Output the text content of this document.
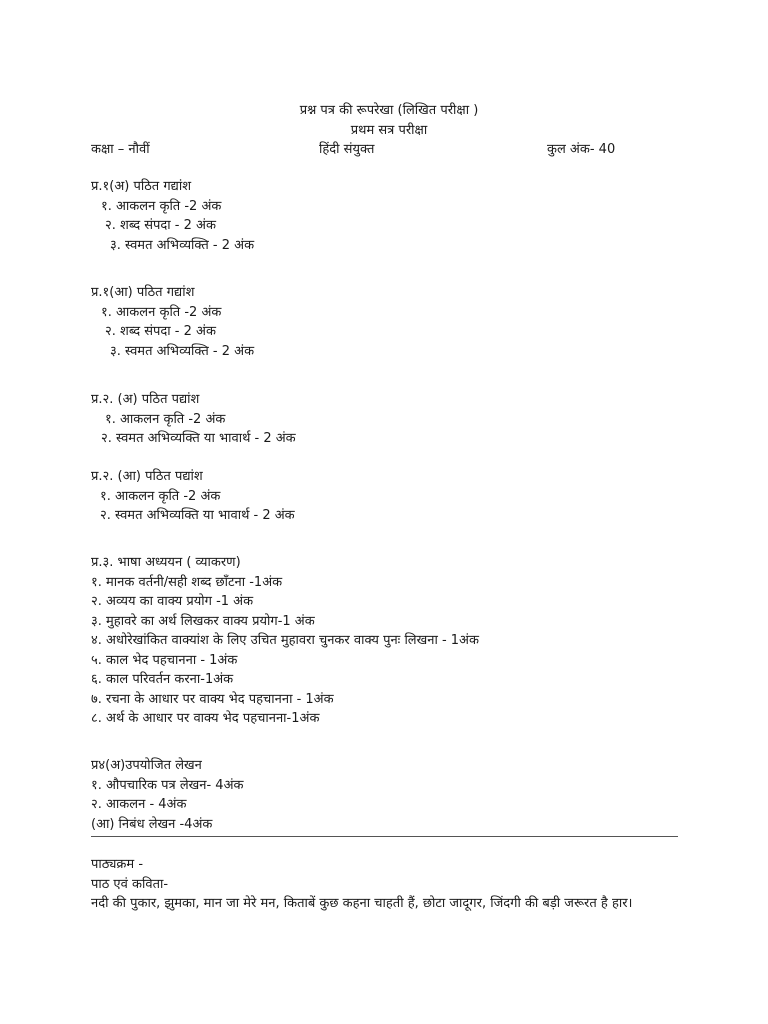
प्रश्न पत्र की रूपरेखा (लिखित परीक्षा )
प्रथम सत्र परीक्षा
कक्षा – नौवीं	हिंदी संयुक्त	कुल अंक- 40
प्र.१(अ) पठित गद्यांश
१. आकलन कृति -2 अंक
२. शब्द संपदा - 2 अंक
३. स्वमत अभिव्यक्ति - 2 अंक
प्र.१(आ) पठित गद्यांश
१. आकलन कृति -2 अंक
२. शब्द संपदा - 2 अंक
३. स्वमत अभिव्यक्ति - 2 अंक
प्र.२. (अ) पठित पद्यांश
१. आकलन कृति -2 अंक
२. स्वमत अभिव्यक्ति या भावार्थ - 2 अंक
प्र.२. (आ) पठित पद्यांश
१. आकलन कृति -2 अंक
२. स्वमत अभिव्यक्ति या भावार्थ - 2 अंक
प्र.३. भाषा अध्ययन ( व्याकरण)
१. मानक वर्तनी/सही शब्द छाँटना -1अंक
२. अव्यय का वाक्य प्रयोग -1 अंक
३. मुहावरे का अर्थ लिखकर वाक्य प्रयोग-1 अंक
४. अधोरेखांकित वाक्यांश के लिए उचित मुहावरा चुनकर वाक्य पुनः लिखना - 1अंक
५. काल भेद पहचानना - 1अंक
६. काल परिवर्तन करना-1अंक
७. रचना के आधार पर वाक्य भेद पहचानना - 1अंक
८. अर्थ के आधार पर वाक्य भेद पहचानना-1अंक
प्र४(अ)उपयोजित लेखन
१. औपचारिक पत्र लेखन- 4अंक
२. आकलन - 4अंक
(आ) निबंध लेखन -4अंक
पाठ्यक्रम -
पाठ एवं कविता-
नदी की पुकार, झुमका, मान जा मेरे मन, किताबें कुछ कहना चाहती हैं, छोटा जादूगर, जिंदगी की बड़ी जरूरत है हार।
